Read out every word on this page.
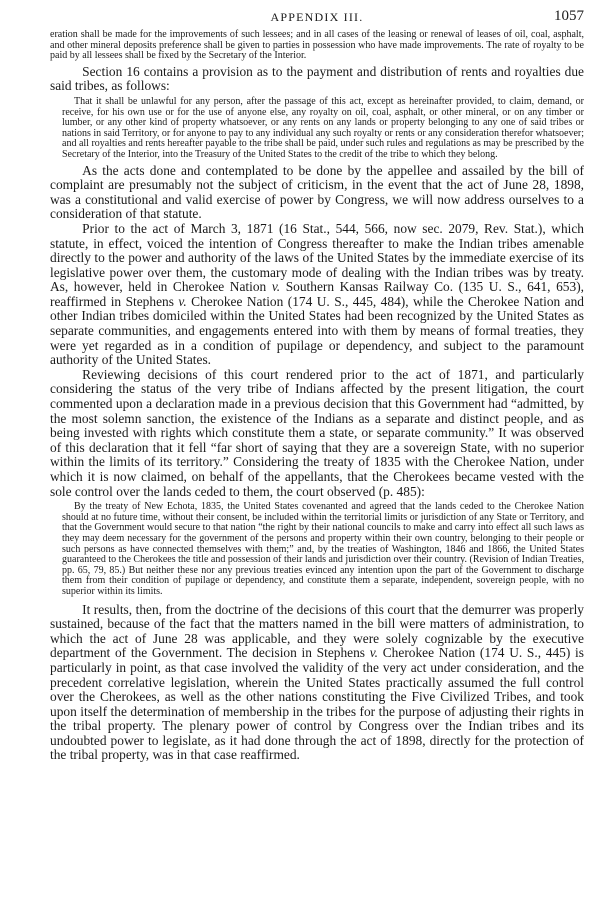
APPENDIX III.	1057

eration shall be made for the improvements of such lessees; and in all cases of the leasing or renewal of leases of oil, coal, asphalt, and other mineral deposits preference shall be given to parties in possession who have made improvements. The rate of royalty to be paid by all lessees shall be fixed by the Secretary of the Interior.

Section 16 contains a provision as to the payment and distribution of rents and royalties due said tribes, as follows:

That it shall be unlawful for any person, after the passage of this act, except as hereinafter provided, to claim, demand, or receive, for his own use or for the use of anyone else, any royalty on oil, coal, asphalt, or other mineral, or on any timber or lumber, or any other kind of property whatsoever, or any rents on any lands or property belonging to any one of said tribes or nations in said Territory, or for anyone to pay to any individual any such royalty or rents or any consideration therefor whatsoever; and all royalties and rents hereafter payable to the tribe shall be paid, under such rules and regulations as may be prescribed by the Secretary of the Interior, into the Treasury of the United States to the credit of the tribe to which they belong.

As the acts done and contemplated to be done by the appellee and assailed by the bill of complaint are presumably not the subject of criticism, in the event that the act of June 28, 1898, was a constitutional and valid exercise of power by Congress, we will now address ourselves to a consideration of that statute.

Prior to the act of March 3, 1871 (16 Stat., 544, 566, now sec. 2079, Rev. Stat.), which statute, in effect, voiced the intention of Congress thereafter to make the Indian tribes amenable directly to the power and authority of the laws of the United States by the immediate exercise of its legislative power over them, the customary mode of dealing with the Indian tribes was by treaty. As, however, held in Cherokee Nation v. Southern Kansas Railway Co. (135 U. S., 641, 653), reaffirmed in Stephens v. Cherokee Nation (174 U. S., 445, 484), while the Cherokee Nation and other Indian tribes domiciled within the United States had been recognized by the United States as separate communities, and engagements entered into with them by means of formal treaties, they were yet regarded as in a condition of pupilage or dependency, and subject to the paramount authority of the United States.

Reviewing decisions of this court rendered prior to the act of 1871, and particularly considering the status of the very tribe of Indians affected by the present litigation, the court commented upon a declaration made in a previous decision that this Government had “admitted, by the most solemn sanction, the existence of the Indians as a separate and distinct people, and as being invested with rights which constitute them a state, or separate community.” It was observed of this declaration that it fell “far short of saying that they are a sovereign State, with no superior within the limits of its territory.” Considering the treaty of 1835 with the Cherokee Nation, under which it is now claimed, on behalf of the appellants, that the Cherokees became vested with the sole control over the lands ceded to them, the court observed (p. 485):

By the treaty of New Echota, 1835, the United States covenanted and agreed that the lands ceded to the Cherokee Nation should at no future time, without their consent, be included within the territorial limits or jurisdiction of any State or Territory, and that the Government would secure to that nation “the right by their national councils to make and carry into effect all such laws as they may deem necessary for the government of the persons and property within their own country, belonging to their people or such persons as have connected themselves with them;” and, by the treaties of Washington, 1846 and 1866, the United States guaranteed to the Cherokees the title and possession of their lands and jurisdiction over their country. (Revision of Indian Treaties, pp. 65, 79, 85.) But neither these nor any previous treaties evinced any intention upon the part of the Government to discharge them from their condition of pupilage or dependency, and constitute them a separate, independent, sovereign people, with no superior within its limits.

It results, then, from the doctrine of the decisions of this court that the demurrer was properly sustained, because of the fact that the matters named in the bill were matters of administration, to which the act of June 28 was applicable, and they were solely cognizable by the executive department of the Government. The decision in Stephens v. Cherokee Nation (174 U. S., 445) is particularly in point, as that case involved the validity of the very act under consideration, and the precedent correlative legislation, wherein the United States practically assumed the full control over the Cherokees, as well as the other nations constituting the Five Civilized Tribes, and took upon itself the determination of membership in the tribes for the purpose of adjusting their rights in the tribal property. The plenary power of control by Congress over the Indian tribes and its undoubted power to legislate, as it had done through the act of 1898, directly for the protection of the tribal property, was in that case reaffirmed.
